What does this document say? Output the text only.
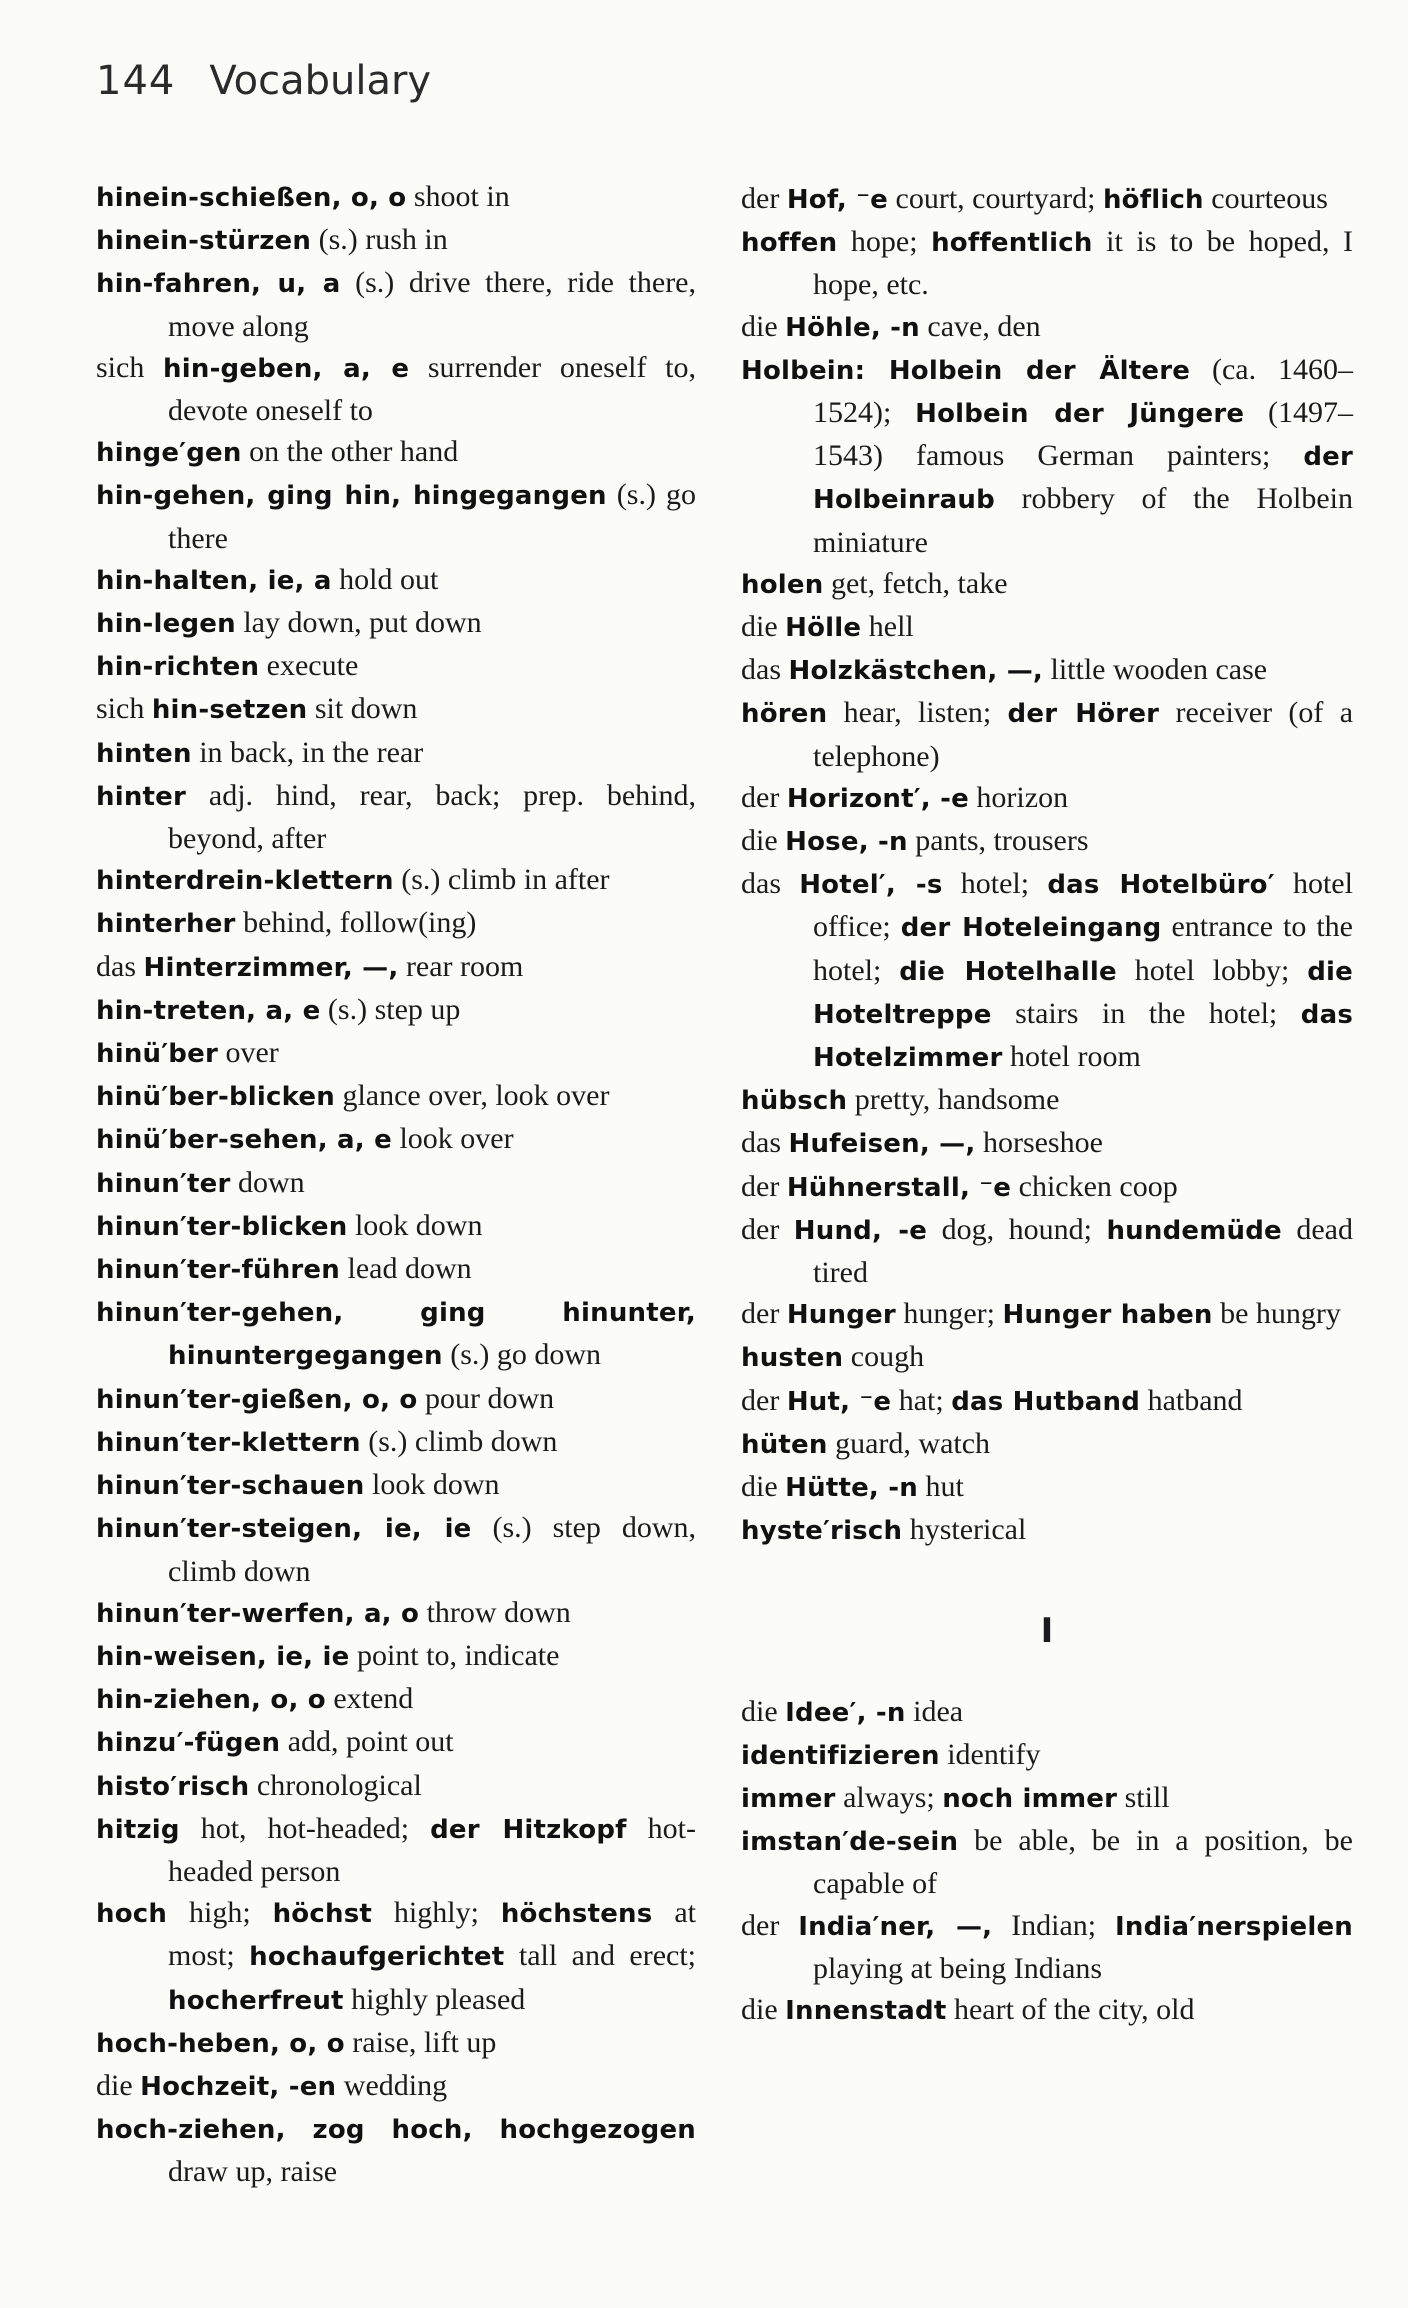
144 Vocabulary
hinein-schießen, o, o shoot in
hinein-stürzen (s.) rush in
hin-fahren, u, a (s.) drive there, ride there, move along
sich hin-geben, a, e surrender oneself to, devote oneself to
hinge′gen on the other hand
hin-gehen, ging hin, hingegangen (s.) go there
hin-halten, ie, a hold out
hin-legen lay down, put down
hin-richten execute
sich hin-setzen sit down
hinten in back, in the rear
hinter adj. hind, rear, back; prep. behind, beyond, after
hinterdrein-klettern (s.) climb in after
hinterher behind, follow(ing)
das Hinterzimmer, —, rear room
hin-treten, a, e (s.) step up
hinü′ber over
hinü′ber-blicken glance over, look over
hinü′ber-sehen, a, e look over
hinun′ter down
hinun′ter-blicken look down
hinun′ter-führen lead down
hinun′ter-gehen, ging hinunter, hinuntergegangen (s.) go down
hinun′ter-gießen, o, o pour down
hinun′ter-klettern (s.) climb down
hinun′ter-schauen look down
hinun′ter-steigen, ie, ie (s.) step down, climb down
hinun′ter-werfen, a, o throw down
hin-weisen, ie, ie point to, indicate
hin-ziehen, o, o extend
hinzu′-fügen add, point out
histo′risch chronological
hitzig hot, hot-headed; der Hitzkopf hot-headed person
hoch high; höchst highly; höchstens at most; hochaufgerichtet tall and erect; hocherfreut highly pleased
hoch-heben, o, o raise, lift up
die Hochzeit, -en wedding
hoch-ziehen, zog hoch, hochgezogen draw up, raise
der Hof, ⁻e court, courtyard; höflich courteous
hoffen hope; hoffentlich it is to be hoped, I hope, etc.
die Höhle, -n cave, den
Holbein: Holbein der Ältere (ca. 1460–1524); Holbein der Jüngere (1497–1543) famous German painters; der Holbeinraub robbery of the Holbein miniature
holen get, fetch, take
die Hölle hell
das Holzkästchen, —, little wooden case
hören hear, listen; der Hörer receiver (of a telephone)
der Horizont′, -e horizon
die Hose, -n pants, trousers
das Hotel′, -s hotel; das Hotelbüro′ hotel office; der Hoteleingang entrance to the hotel; die Hotelhalle hotel lobby; die Hoteltreppe stairs in the hotel; das Hotelzimmer hotel room
hübsch pretty, handsome
das Hufeisen, —, horseshoe
der Hühnerstall, ⁻e chicken coop
der Hund, -e dog, hound; hundemüde dead tired
der Hunger hunger; Hunger haben be hungry
husten cough
der Hut, ⁻e hat; das Hutband hatband
hüten guard, watch
die Hütte, -n hut
hyste′risch hysterical
I
die Idee′, -n idea
identifizieren identify
immer always; noch immer still
imstan′de-sein be able, be in a position, be capable of
der India′ner, —, Indian; India′nerspielen playing at being Indians
die Innenstadt heart of the city, old
